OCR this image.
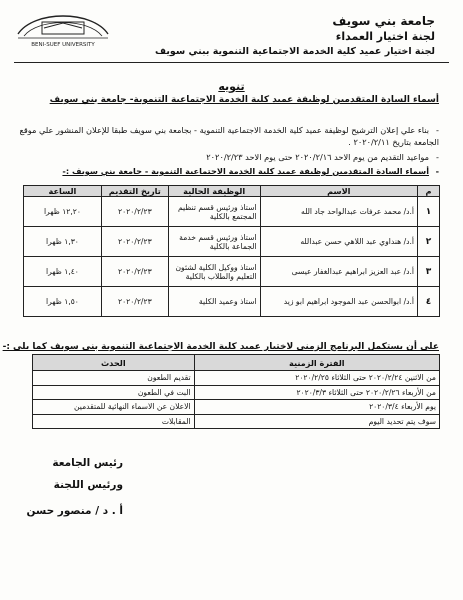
جامعة بني سويف
لجنة اختيار العمداء
لجنة اختيار عميد كلية الخدمة الاجتماعية التنموية ببني سويف
BENI-SUEF UNIVERSITY
تنويه
أسماء السادة المتقدمين لوظيفة عميد كلية الخدمة الاجتماعية التنموية- جامعة بني سويف
-بناء علي إعلان الترشيح لوظيفة عميد كلية الخدمة الاجتماعية التنموية - بجامعة بني سويف طبقا للإعلان المنشور علي موقع الجامعة بتاريخ ٢٠٢٠/٢/١١ .
-مواعيد التقديم من يوم الاحد ٢٠٢٠/٢/١٦ حتى يوم الاحد ٢٠٢٠/٢/٢٣
-أسماء السادة المتقدمين لوظيفة عميد كلية الخدمة الاجتماعية التنموية - جامعة بني سويف :-
م	الاسم	الوظيفة الحالية	تاريخ التقديم	الساعة
١	أ.د/ محمد عرفات عبدالواحد جاد الله	استاذ ورئيس قسم تنظيم المجتمع بالكلية	٢٠٢٠/٢/٢٣	١٢,٢٠ ظهرا
٢	أ.د/ هنداوي عبد اللاهي حسن عبدالله	استاذ ورئيس قسم خدمة الجماعة بالكلية	٢٠٢٠/٢/٢٣	١,٣٠ ظهرا
٣	أ.د/ عبد العزيز ابراهيم عبدالغفار عيسى	استاذ ووكيل الكلية لشئون التعليم والطلاب بالكلية	٢٠٢٠/٢/٢٣	١,٤٠ ظهرا
٤	أ.د/ ابوالحسن عبد الموجود ابراهيم ابو زيد	استاذ وعميد الكلية	٢٠٢٠/٢/٢٣	١,٥٠ ظهرا
على أن يستكمل البرنامج الزمنى لاختيار عميد كلية الخدمة الاجتماعية التنموية بنى سويف كما يلى :-
الفترة الزمنية	الحدث
من الاثنين ٢٠٢٠/٢/٢٤ حتى الثلاثاء ٢٠٢٠/٢/٢٥	تقديم الطعون
من الأربعاء ٢٠٢٠/٢/٢٦ حتى الثلاثاء ٢٠٢٠/٣/٣	البت في الطعون
يوم الأربعاء ٢٠٢٠/٣/٤	الاعلان عن الاسماء النهائية للمتقدمين
سوف يتم تحديد اليوم	المقابلات
رئيس الجامعة
ورئيس اللجنة
أ . د / منصور حسن
